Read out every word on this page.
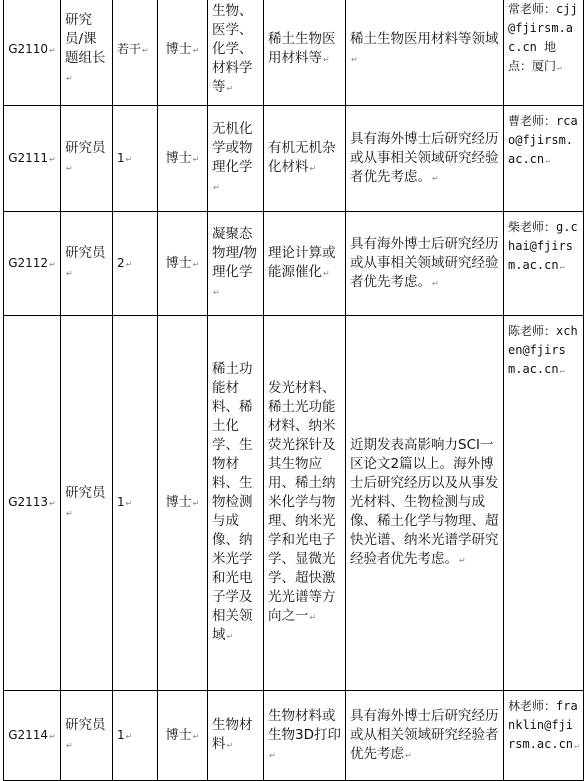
G2110↵	研究员/课题组长↵	若干↵	博士↵	生物、医学、化学、材料学等↵	稀土生物医用材料等↵	稀土生物医用材料等领域↵	常老师：cjj@fjirsm.ac.cn 地点：厦门↵
G2111↵	研究员↵	1↵	博士↵	无机化学或物理化学↵	有机无机杂化材料↵	具有海外博士后研究经历或从事相关领域研究经验者优先考虑。↵	曹老师：rcao@fjirsm.ac.cn↵
G2112↵	研究员↵	2↵	博士↵	凝聚态物理/物理化学↵	理论计算或能源催化↵	具有海外博士后研究经历或从事相关领域研究经验者优先考虑。↵	柴老师：g.chai@fjirsm.ac.cn↵
G2113↵	研究员↵	1↵	博士↵	稀土功能材料、稀土化学、生物材料、生物检测与成像、纳米光学和光电子学及相关领域↵	发光材料、稀土光功能材料、纳米荧光探针及其生物应用、稀土纳米化学与物理、纳米光学和光电子学、显微光学、超快激光光谱等方向之一↵	近期发表高影响力SCI一区论文2篇以上。海外博士后研究经历以及从事发光材料、生物检测与成像、稀土化学与物理、超快光谱、纳米光谱学研究经验者优先考虑。↵	陈老师：xchen@fjirsm.ac.cn↵
G2114↵	研究员↵	1↵	博士↵	生物材料↵	生物材料或生物3D打印↵	具有海外博士后研究经历或从相关领域研究经验者优先考虑↵	林老师：franklin@fjirsm.ac.cn↵
